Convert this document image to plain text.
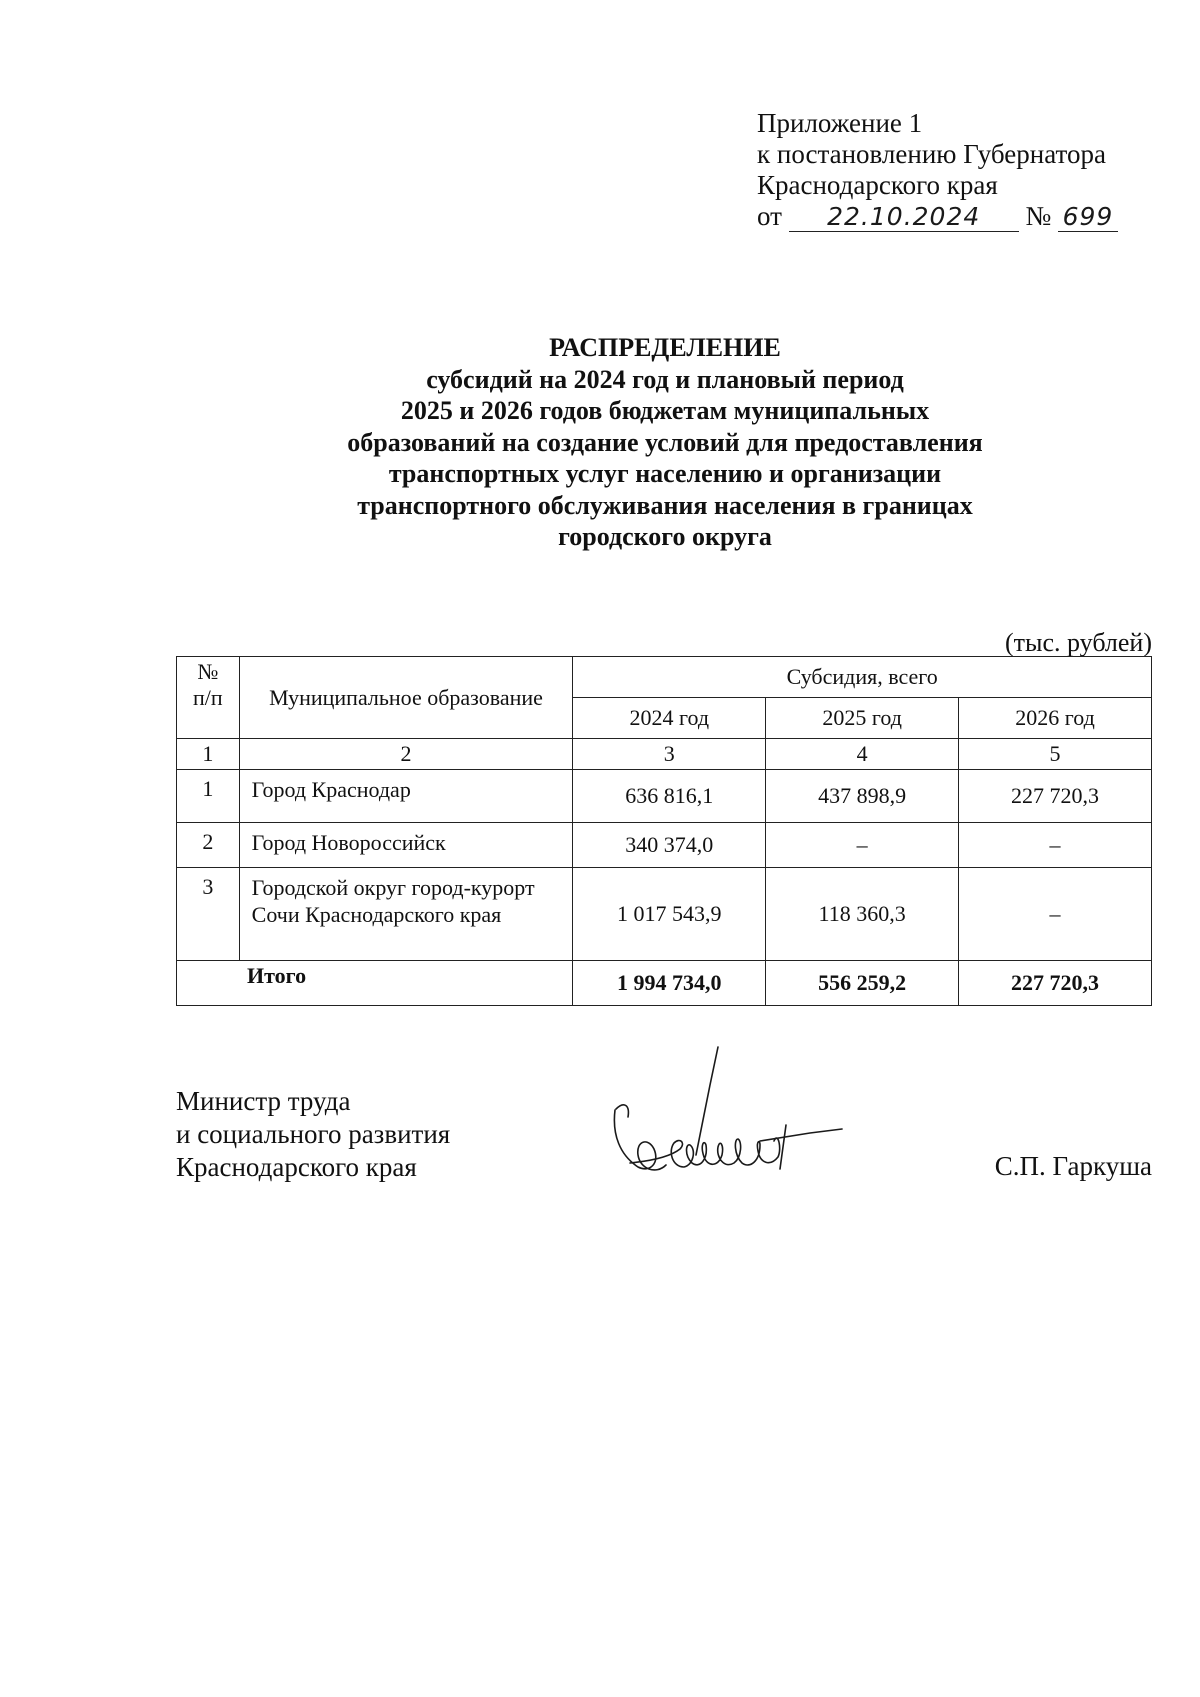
Приложение 1
к постановлению Губернатора
Краснодарского края
от 22.10.2024 № 699
РАСПРЕДЕЛЕНИЕ
субсидий на 2024 год и плановый период
2025 и 2026 годов бюджетам муниципальных
образований на создание условий для предоставления
транспортных услуг населению и организации
транспортного обслуживания населения в границах
городского округа
(тыс. рублей)
№
п/п	Муниципальное образование	Субсидия, всего		
		2024 год	2025 год	2026 год
1	2	3	4	5
1	Город Краснодар	636 816,1	437 898,9	227 720,3
2	Город Новороссийск	340 374,0	–	–
3	Городской округ город-курорт Сочи Краснодарского края	1 017 543,9	118 360,3	–
Итого		1 994 734,0	556 259,2	227 720,3
Министр труда
и социального развития
Краснодарского края	С.П. Гаркуша
